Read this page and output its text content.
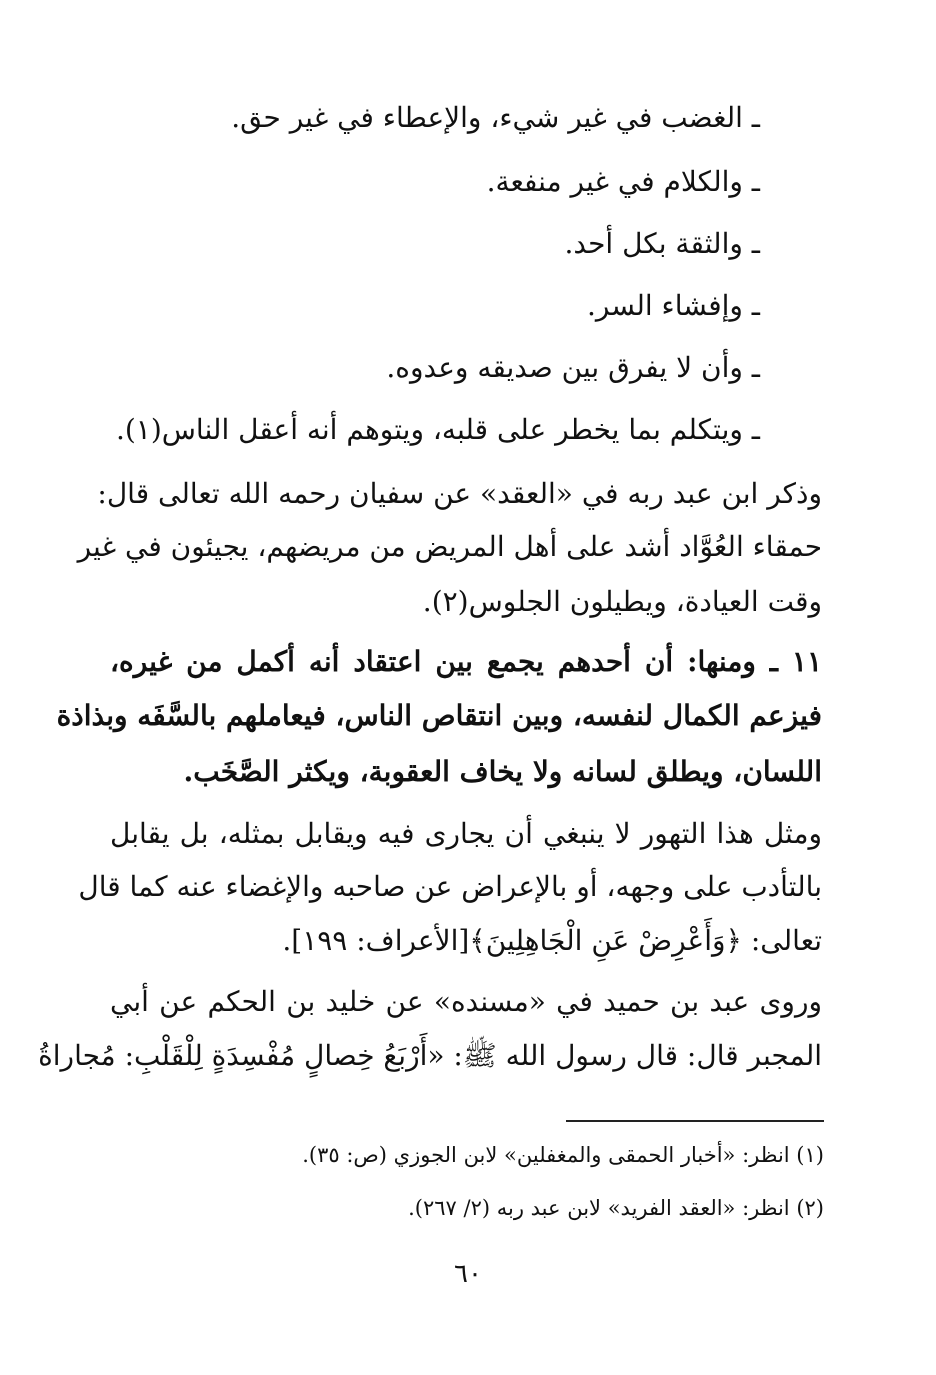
ـ الغضب في غير شيء، والإعطاء في غير حق.
ـ والكلام في غير منفعة.
ـ والثقة بكل أحد.
ـ وإفشاء السر.
ـ وأن لا يفرق بين صديقه وعدوه.
ـ ويتكلم بما يخطر على قلبه، ويتوهم أنه أعقل الناس(١).
وذكر ابن عبد ربه في «العقد» عن سفيان رحمه الله تعالى قال:
حمقاء العُوَّاد أشد على أهل المريض من مريضهم، يجيئون في غير
وقت العيادة، ويطيلون الجلوس(٢).
١١ ـ ومنها: أن أحدهم يجمع بين اعتقاد أنه أكمل من غيره،
فيزعم الكمال لنفسه، وبين انتقاص الناس، فيعاملهم بالسَّفَه وبذاذة
اللسان، ويطلق لسانه ولا يخاف العقوبة، ويكثر الصَّخَب.
ومثل هذا التهور لا ينبغي أن يجارى فيه ويقابل بمثله، بل يقابل
بالتأدب على وجهه، أو بالإعراض عن صاحبه والإغضاء عنه كما قال
تعالى: ﴿وَأَعْرِضْ عَنِ الْجَاهِلِينَ﴾[الأعراف: ١٩٩].
وروى عبد بن حميد في «مسنده» عن خليد بن الحكم عن أبي
المجبر قال: قال رسول الله ﷺ: «أَرْبَعُ خِصالٍ مُفْسِدَةٍ لِلْقَلْبِ: مُجاراةُ
(١) انظر: «أخبار الحمقى والمغفلين» لابن الجوزي (ص: ٣٥).
(٢) انظر: «العقد الفريد» لابن عبد ربه (٢/ ٢٦٧).
٦٠
